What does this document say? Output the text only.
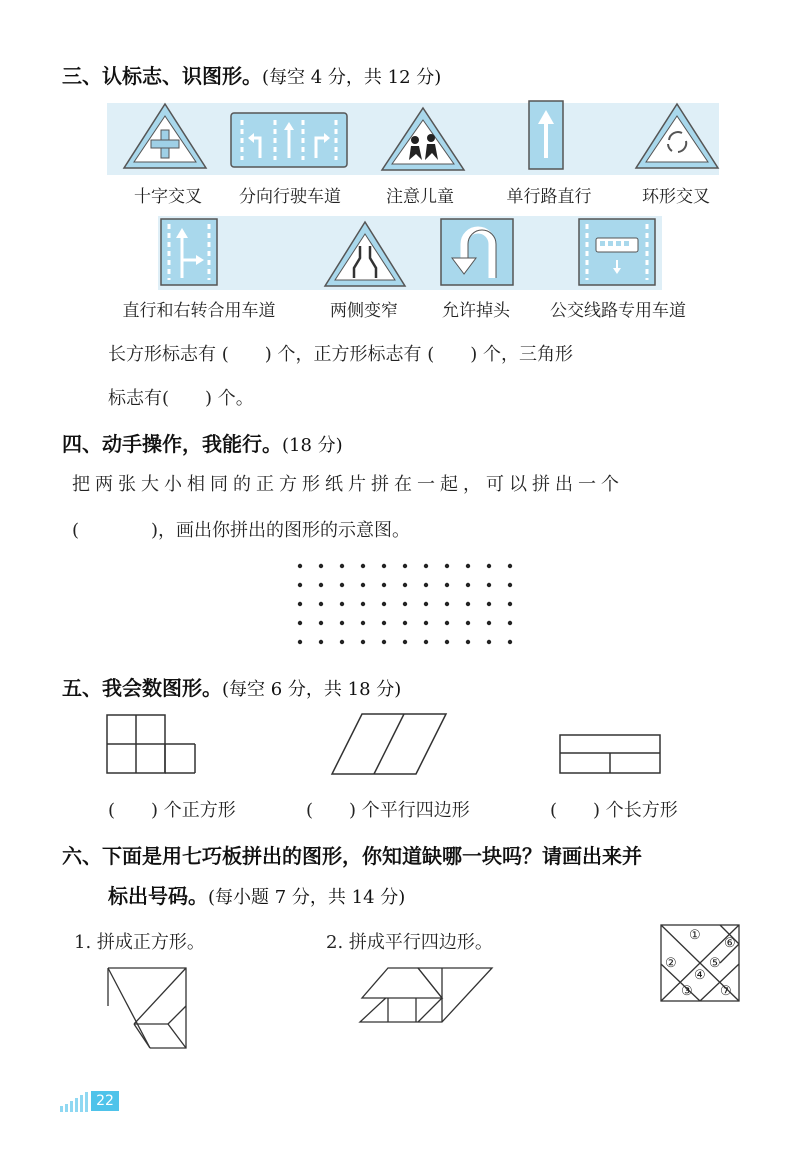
三、认标志、识图形。(每空 4 分，共 12 分)
十字交叉	分向行驶车道	注意儿童	单行路直行	环形交叉
直行和右转合用车道	两侧变窄	允许掉头	公交线路专用车道
长方形标志有 (　　) 个，正方形标志有 (　　) 个，三角形
标志有(　　) 个。
四、动手操作，我能行。(18 分)
把两张大小相同的正方形纸片拼在一起，可以拼出一个
(　　　　)，画出你拼出的图形的示意图。
五、我会数图形。(每空 6 分，共 18 分)
(　　) 个正方形	(　　) 个平行四边形	(　　) 个长方形
六、下面是用七巧板拼出的图形，你知道缺哪一块吗？请画出来并
标出号码。(每小题 7 分，共 14 分)
1. 拼成正方形。	2. 拼成平行四边形。	①
②
③
④
⑤
⑥
⑦
22
